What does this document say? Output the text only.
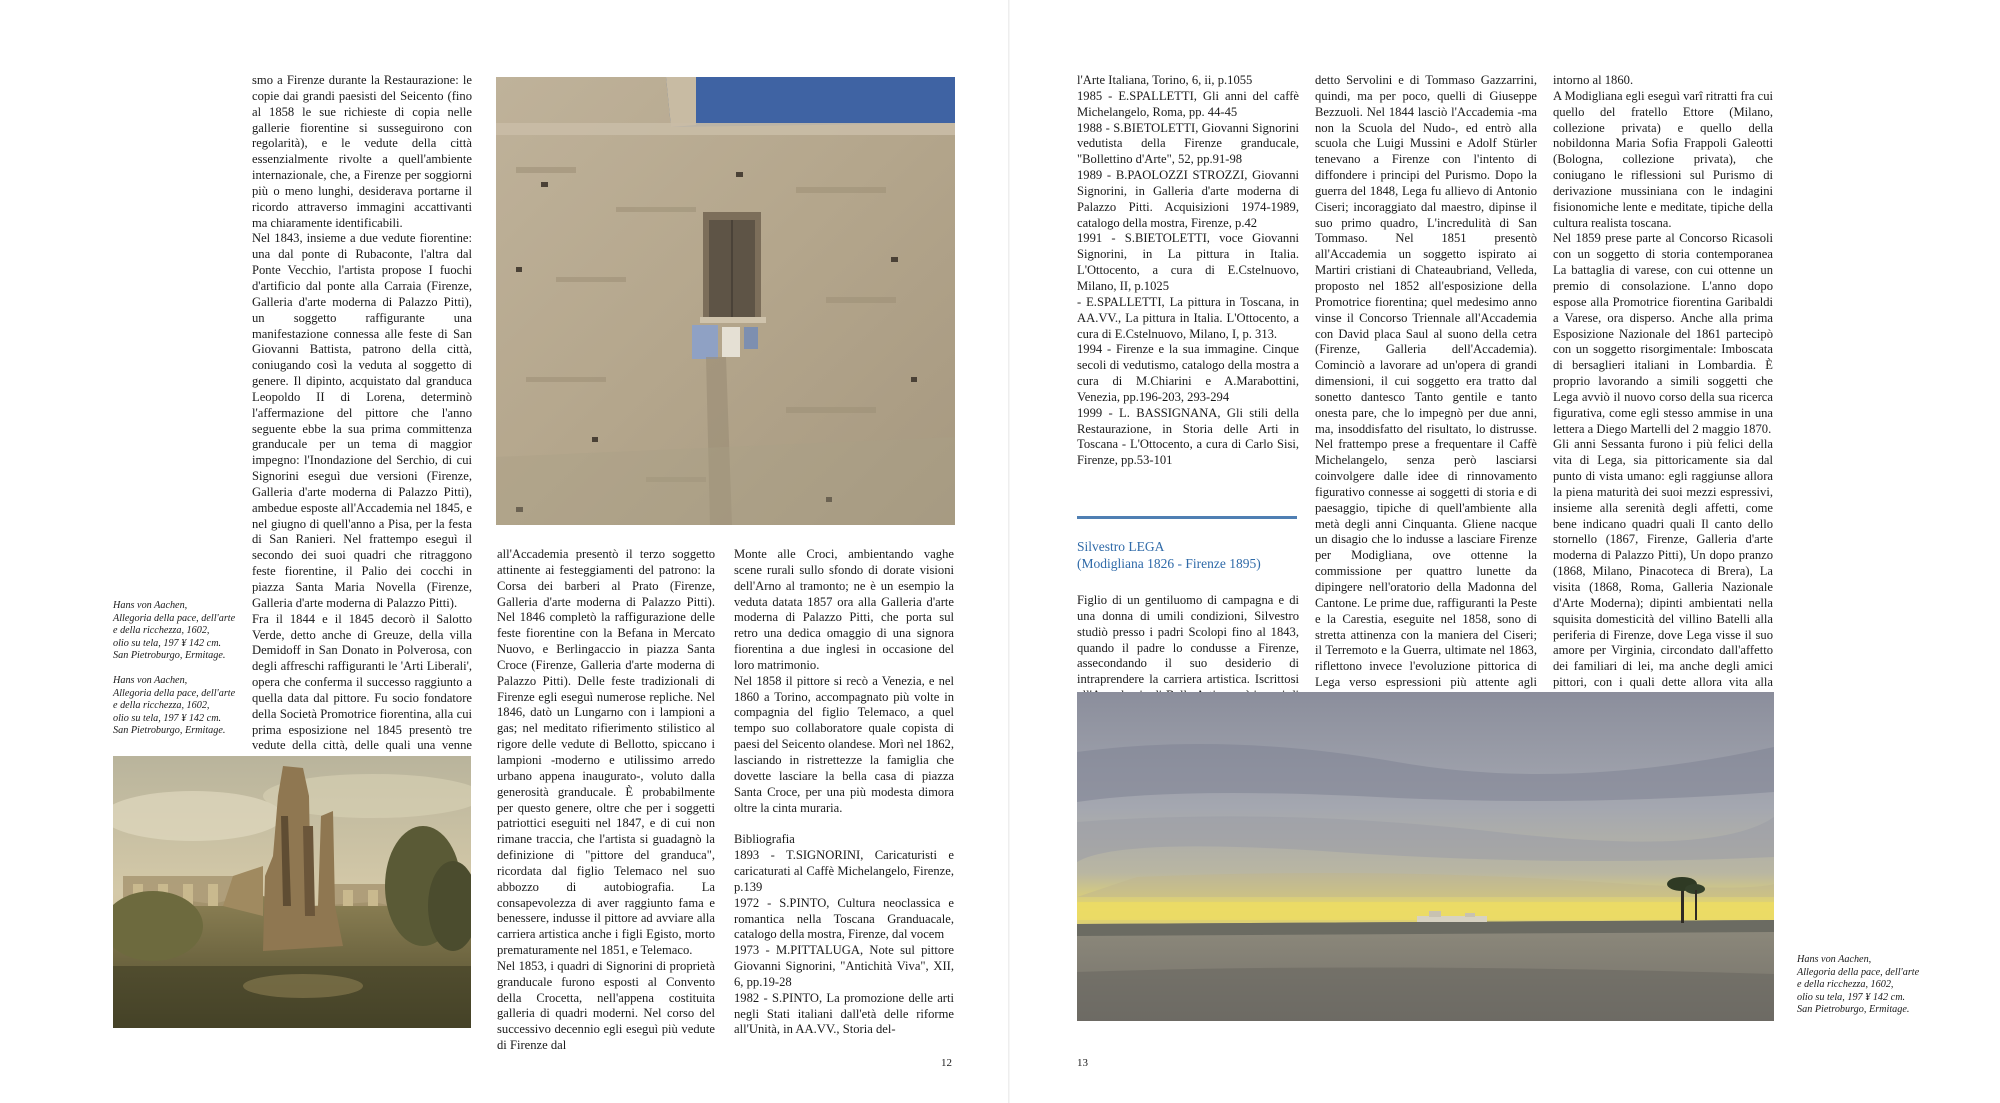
smo a Firenze durante la Restaurazione: le copie dai grandi paesisti del Seicento (fino al 1858 le sue richieste di copia nelle gallerie fiorentine si susseguirono con regolarità), e le vedute della città essenzialmente rivolte a quell'ambiente internazionale, che, a Firenze per soggiorni più o meno lunghi, desiderava portarne il ricordo attraverso immagini accattivanti ma chiaramente identificabili.

Nel 1843, insieme a due vedute fiorentine: una dal ponte di Rubaconte, l'altra dal Ponte Vecchio, l'artista propose I fuochi d'artificio dal ponte alla Carraia (Firenze, Galleria d'arte moderna di Palazzo Pitti), un soggetto raffigurante una manifestazione connessa alle feste di San Giovanni Battista, patrono della città, coniugando così la veduta al soggetto di genere. Il dipinto, acquistato dal granduca Leopoldo II di Lorena, determinò l'affermazione del pittore che l'anno seguente ebbe la sua prima committenza granducale per un tema di maggior impegno: l'Inondazione del Serchio, di cui Signorini eseguì due versioni (Firenze, Galleria d'arte moderna di Palazzo Pitti), ambedue esposte all'Accademia nel 1845, e nel giugno di quell'anno a Pisa, per la festa di San Ranieri. Nel frattempo eseguì il secondo dei suoi quadri che ritraggono feste fiorentine, il Palio dei cocchi in piazza Santa Maria Novella (Firenze, Galleria d'arte moderna di Palazzo Pitti).

Fra il 1844 e il 1845 decorò il Salotto Verde, detto anche di Greuze, della villa Demidoff in San Donato in Polverosa, con degli affreschi raffiguranti le 'Arti Liberali', opera che conferma il successo raggiunto a quella data dal pittore. Fu socio fondatore della Società Promotrice fiorentina, alla cui prima esposizione nel 1845 presentò tre vedute della città, delle quali una venne

Hans von Aachen,
Allegoria della pace, dell'arte
e della ricchezza, 1602,
olio su tela, 197 ¥ 142 cm.
San Pietroburgo, Ermitage.

Hans von Aachen,
Allegoria della pace, dell'arte
e della ricchezza, 1602,
olio su tela, 197 ¥ 142 cm.
San Pietroburgo, Ermitage.

all'Accademia presentò il terzo soggetto attinente ai festeggiamenti del patrono: la Corsa dei barberi al Prato (Firenze, Galleria d'arte moderna di Palazzo Pitti). Nel 1846 completò la raffigurazione delle feste fiorentine con la Befana in Mercato Nuovo, e Berlingaccio in piazza Santa Croce (Firenze, Galleria d'arte moderna di Palazzo Pitti). Delle feste tradizionali di Firenze egli eseguì numerose repliche. Nel 1846, datò un Lungarno con i lampioni a gas; nel meditato rifierimento stilistico al rigore delle vedute di Bellotto, spiccano i lampioni -moderno e utilissimo arredo urbano appena inaugurato-, voluto dalla generosità granducale. È probabilmente per questo genere, oltre che per i soggetti patriottici eseguiti nel 1847, e di cui non rimane traccia, che l'artista si guadagnò la definizione di "pittore del granduca", ricordata dal figlio Telemaco nel suo abbozzo di autobiografia. La consapevolezza di aver raggiunto fama e benessere, indusse il pittore ad avviare alla carriera artistica anche i figli Egisto, morto prematuramente nel 1851, e Telemaco.

Nel 1853, i quadri di Signorini di proprietà granducale furono esposti al Convento della Crocetta, nell'appena costituita galleria di quadri moderni. Nel corso del successivo decennio egli eseguì più vedute di Firenze dal

Monte alle Croci, ambientando vaghe scene rurali sullo sfondo di dorate visioni dell'Arno al tramonto; ne è un esempio la veduta datata 1857 ora alla Galleria d'arte moderna di Palazzo Pitti, che porta sul retro una dedica omaggio di una signora fiorentina a due inglesi in occasione del loro matrimonio.

Nel 1858 il pittore si recò a Venezia, e nel 1860 a Torino, accompagnato più volte in compagnia del figlio Telemaco, a quel tempo suo collaboratore quale copista di paesi del Seicento olandese. Morì nel 1862, lasciando in ristrettezze la famiglia che dovette lasciare la bella casa di piazza Santa Croce, per una più modesta dimora oltre la cinta muraria.

Bibliografia

1893 - T.SIGNORINI, Caricaturisti e caricaturati al Caffè Michelangelo, Firenze, p.139

1972 - S.PINTO, Cultura neoclassica e romantica nella Toscana Granduacale, catalogo della mostra, Firenze, dal vocem

1973 - M.PITTALUGA, Note sul pittore Giovanni Signorini, "Antichità Viva", XII, 6, pp.19-28

1982 - S.PINTO, La promozione delle arti negli Stati italiani dall'età delle riforme all'Unità, in AA.VV., Storia del-

12

l'Arte Italiana, Torino, 6, ii, p.1055

1985 - E.SPALLETTI, Gli anni del caffè Michelangelo, Roma, pp. 44-45

1988 - S.BIETOLETTI, Giovanni Signorini vedutista della Firenze granducale, "Bollettino d'Arte", 52, pp.91-98

1989 - B.PAOLOZZI STROZZI, Giovanni Signorini, in Galleria d'arte moderna di Palazzo Pitti. Acquisizioni 1974-1989, catalogo della mostra, Firenze, p.42

1991 - S.BIETOLETTI, voce Giovanni Signorini, in La pittura in Italia. L'Ottocento, a cura di E.Cstelnuovo, Milano, II, p.1025

- E.SPALLETTI, La pittura in Toscana, in AA.VV., La pittura in Italia. L'Ottocento, a cura di E.Cstelnuovo, Milano, I, p. 313.

1994 - Firenze e la sua immagine. Cinque secoli di vedutismo, catalogo della mostra a cura di M.Chiarini e A.Marabottini, Venezia, pp.196-203, 293-294

1999 - L. BASSIGNANA, Gli stili della Restaurazione, in Storia delle Arti in Toscana - L'Ottocento, a cura di Carlo Sisi, Firenze, pp.53-101

Silvestro LEGA

(Modigliana 1826 - Firenze 1895)

Figlio di un gentiluomo di campagna e di una donna di umili condizioni, Silvestro studiò presso i padri Scolopi fino al 1843, quando il padre lo condusse a Firenze, assecondando il suo desiderio di intraprendere la carriera artistica. Iscrittosi

detto Servolini e di Tommaso Gazzarrini, quindi, ma per poco, quelli di Giuseppe Bezzuoli. Nel 1844 lasciò l'Accademia -ma non la Scuola del Nudo-, ed entrò alla scuola che Luigi Mussini e Adolf Stürler tenevano a Firenze con l'intento di diffondere i principi del Purismo. Dopo la guerra del 1848, Lega fu allievo di Antonio Ciseri; incoraggiato dal maestro, dipinse il suo primo quadro, L'incredulità di San Tommaso. Nel 1851 presentò all'Accademia un soggetto ispirato ai Martiri cristiani di Chateaubriand, Velleda, proposto nel 1852 all'esposizione della Promotrice fiorentina; quel medesimo anno vinse il Concorso Triennale all'Accademia con David placa Saul al suono della cetra (Firenze, Galleria dell'Accademia). Cominciò a lavorare ad un'opera di grandi dimensioni, il cui soggetto era tratto dal sonetto dantesco Tanto gentile e tanto onesta pare, che lo impegnò per due anni, ma, insoddisfatto del risultato, lo distrusse. Nel frattempo prese a frequentare il Caffè Michelangelo, senza però lasciarsi coinvolgere dalle idee di rinnovamento figurativo connesse ai soggetti di storia e di paesaggio, tipiche di quell'ambiente alla metà degli anni Cinquanta. Gliene nacque un disagio che lo indusse a lasciare Firenze per Modigliana, ove ottenne la commissione per quattro lunette da dipingere nell'oratorio della Madonna del Cantone. Le prime due, raffiguranti la Peste e la Carestia, eseguite nel 1858, sono di stretta attinenza con la maniera del Ciseri; il Terremoto e la Guerra, ultimate nel 1863, riflettono invece l'evoluzione pittorica di Lega verso espressioni più attente agli

intorno al 1860.

A Modigliana egli eseguì varî ritratti fra cui quello del fratello Ettore (Milano, collezione privata) e quello della nobildonna Maria Sofia Frappoli Galeotti (Bologna, collezione privata), che coniugano le riflessioni sul Purismo di derivazione mussiniana con le indagini fisionomiche lente e meditate, tipiche della cultura realista toscana.

Nel 1859 prese parte al Concorso Ricasoli con un soggetto di storia contemporanea La battaglia di varese, con cui ottenne un premio di consolazione. L'anno dopo espose alla Promotrice fiorentina Garibaldi a Varese, ora disperso. Anche alla prima Esposizione Nazionale del 1861 partecipò con un soggetto risorgimentale: Imboscata di bersaglieri italiani in Lombardia. È proprio lavorando a simili soggetti che Lega avviò il nuovo corso della sua ricerca figurativa, come egli stesso ammise in una lettera a Diego Martelli del 2 maggio 1870.

Gli anni Sessanta furono i più felici della vita di Lega, sia pittoricamente sia dal punto di vista umano: egli raggiunse allora la piena maturità dei suoi mezzi espressivi, insieme alla serenità degli affetti, come bene indicano quadri quali Il canto dello stornello (1867, Firenze, Galleria d'arte moderna di Palazzo Pitti), Un dopo pranzo (1868, Milano, Pinacoteca di Brera), La visita (1868, Roma, Galleria Nazionale d'Arte Moderna); dipinti ambientati nella squisita domesticità del villino Batelli alla periferia di Firenze, dove Lega visse il suo amore per Virginia, circondato dall'affetto dei familiari di lei, ma anche degli amici pittori, con i quali dette allora vita alla

Hans von Aachen,
Allegoria della pace, dell'arte
e della ricchezza, 1602,
olio su tela, 197 ¥ 142 cm.
San Pietroburgo, Ermitage.

13
